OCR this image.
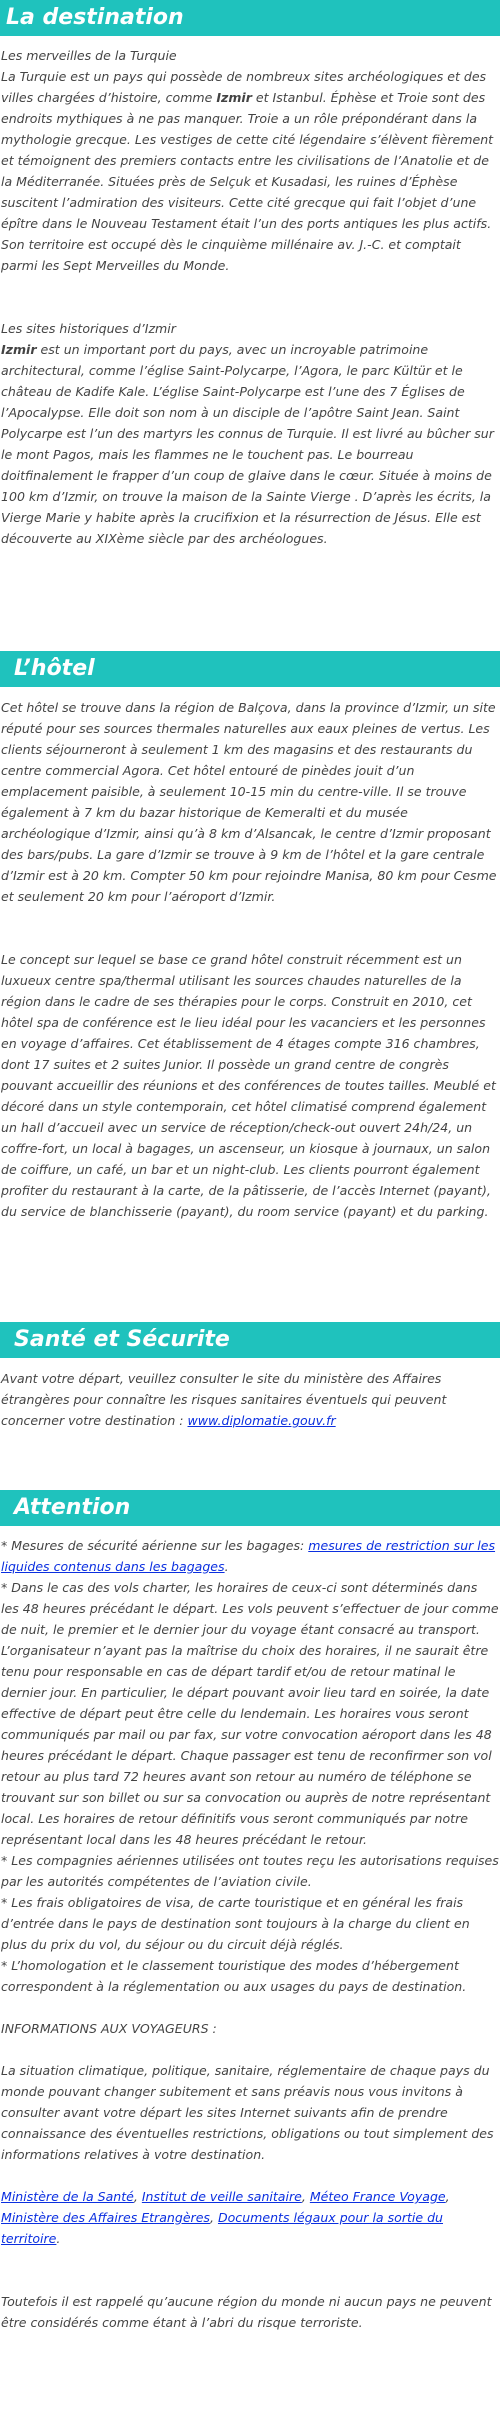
La destination

Les merveilles de la Turquie

La Turquie est un pays qui possède de nombreux sites archéologiques et des villes chargées d’histoire, comme Izmir et Istanbul. Éphèse et Troie sont des endroits mythiques à ne pas manquer. Troie a un rôle prépondérant dans la mythologie grecque. Les vestiges de cette cité légendaire s’élèvent fièrement et témoignent des premiers contacts entre les civilisations de l’Anatolie et de la Méditerranée. Situées près de Selçuk et Kusadasi, les ruines d’Éphèse suscitent l’admiration des visiteurs. Cette cité grecque qui fait l’objet d’une épître dans le Nouveau Testament était l’un des ports antiques les plus actifs. Son territoire est occupé dès le cinquième millénaire av. J.-C. et comptait parmi les Sept Merveilles du Monde.

Les sites historiques d’Izmir

Izmir est un important port du pays, avec un incroyable patrimoine architectural, comme l’église Saint-Polycarpe, l’Agora, le parc Kültür et le château de Kadife Kale. L’église Saint-Polycarpe est l’une des 7 Églises de l’Apocalypse. Elle doit son nom à un disciple de l’apôtre Saint Jean. Saint Polycarpe est l’un des martyrs les connus de Turquie. Il est livré au bûcher sur le mont Pagos, mais les flammes ne le touchent pas. Le bourreau doitfinalement le frapper d’un coup de glaive dans le cœur. Située à moins de 100 km d’Izmir, on trouve la maison de la Sainte Vierge . D’après les écrits, la Vierge Marie y habite après la crucifixion et la résurrection de Jésus. Elle est découverte au XIXème siècle par des archéologues.

L’hôtel

Cet hôtel se trouve dans la région de Balçova, dans la province d’Izmir, un site réputé pour ses sources thermales naturelles aux eaux pleines de vertus. Les clients séjourneront à seulement 1 km des magasins et des restaurants du centre commercial Agora. Cet hôtel entouré de pinèdes jouit d’un emplacement paisible, à seulement 10-15 min du centre-ville. Il se trouve également à 7 km du bazar historique de Kemeralti et du musée archéologique d’Izmir, ainsi qu’à 8 km d’Alsancak, le centre d’Izmir proposant des bars/pubs. La gare d’Izmir se trouve à 9 km de l’hôtel et la gare centrale d’Izmir est à 20 km. Compter 50 km pour rejoindre Manisa, 80 km pour Cesme et seulement 20 km pour l’aéroport d’Izmir.

Le concept sur lequel se base ce grand hôtel construit récemment est un luxueux centre spa/thermal utilisant les sources chaudes naturelles de la région dans le cadre de ses thérapies pour le corps. Construit en 2010, cet hôtel spa de conférence est le lieu idéal pour les vacanciers et les personnes en voyage d’affaires. Cet établissement de 4 étages compte 316 chambres, dont 17 suites et 2 suites Junior. Il possède un grand centre de congrès pouvant accueillir des réunions et des conférences de toutes tailles. Meublé et décoré dans un style contemporain, cet hôtel climatisé comprend également un hall d’accueil avec un service de réception/check-out ouvert 24h/24, un coffre-fort, un local à bagages, un ascenseur, un kiosque à journaux, un salon de coiffure, un café, un bar et un night-club. Les clients pourront également profiter du restaurant à la carte, de la pâtisserie, de l’accès Internet (payant), du service de blanchisserie (payant), du room service (payant) et du parking.

Santé et Sécurite

Avant votre départ, veuillez consulter le site du ministère des Affaires étrangères pour connaître les risques sanitaires éventuels qui peuvent concerner votre destination : www.diplomatie.gouv.fr

Attention

* Mesures de sécurité aérienne sur les bagages: mesures de restriction sur les liquides contenus dans les bagages.

* Dans le cas des vols charter, les horaires de ceux-ci sont déterminés dans les 48 heures précédant le départ. Les vols peuvent s’effectuer de jour comme de nuit, le premier et le dernier jour du voyage étant consacré au transport. L’organisateur n’ayant pas la maîtrise du choix des horaires, il ne saurait être tenu pour responsable en cas de départ tardif et/ou de retour matinal le dernier jour. En particulier, le départ pouvant avoir lieu tard en soirée, la date effective de départ peut être celle du lendemain. Les horaires vous seront communiqués par mail ou par fax, sur votre convocation aéroport dans les 48 heures précédant le départ. Chaque passager est tenu de reconfirmer son vol retour au plus tard 72 heures avant son retour au numéro de téléphone se trouvant sur son billet ou sur sa convocation ou auprès de notre représentant local. Les horaires de retour définitifs vous seront communiqués par notre représentant local dans les 48 heures précédant le retour.

* Les compagnies aériennes utilisées ont toutes reçu les autorisations requises par les autorités compétentes de l’aviation civile.

* Les frais obligatoires de visa, de carte touristique et en général les frais d’entrée dans le pays de destination sont toujours à la charge du client en plus du prix du vol, du séjour ou du circuit déjà réglés.

* L’homologation et le classement touristique des modes d’hébergement correspondent à la réglementation ou aux usages du pays de destination.

INFORMATIONS AUX VOYAGEURS :

La situation climatique, politique, sanitaire, réglementaire de chaque pays du monde pouvant changer subitement et sans préavis nous vous invitons à consulter avant votre départ les sites Internet suivants afin de prendre connaissance des éventuelles restrictions, obligations ou tout simplement des informations relatives à votre destination.

Ministère de la Santé, Institut de veille sanitaire, Méteo France Voyage, Ministère des Affaires Etrangères, Documents légaux pour la sortie du territoire.

Toutefois il est rappelé qu’aucune région du monde ni aucun pays ne peuvent être considérés comme étant à l’abri du risque terroriste.
